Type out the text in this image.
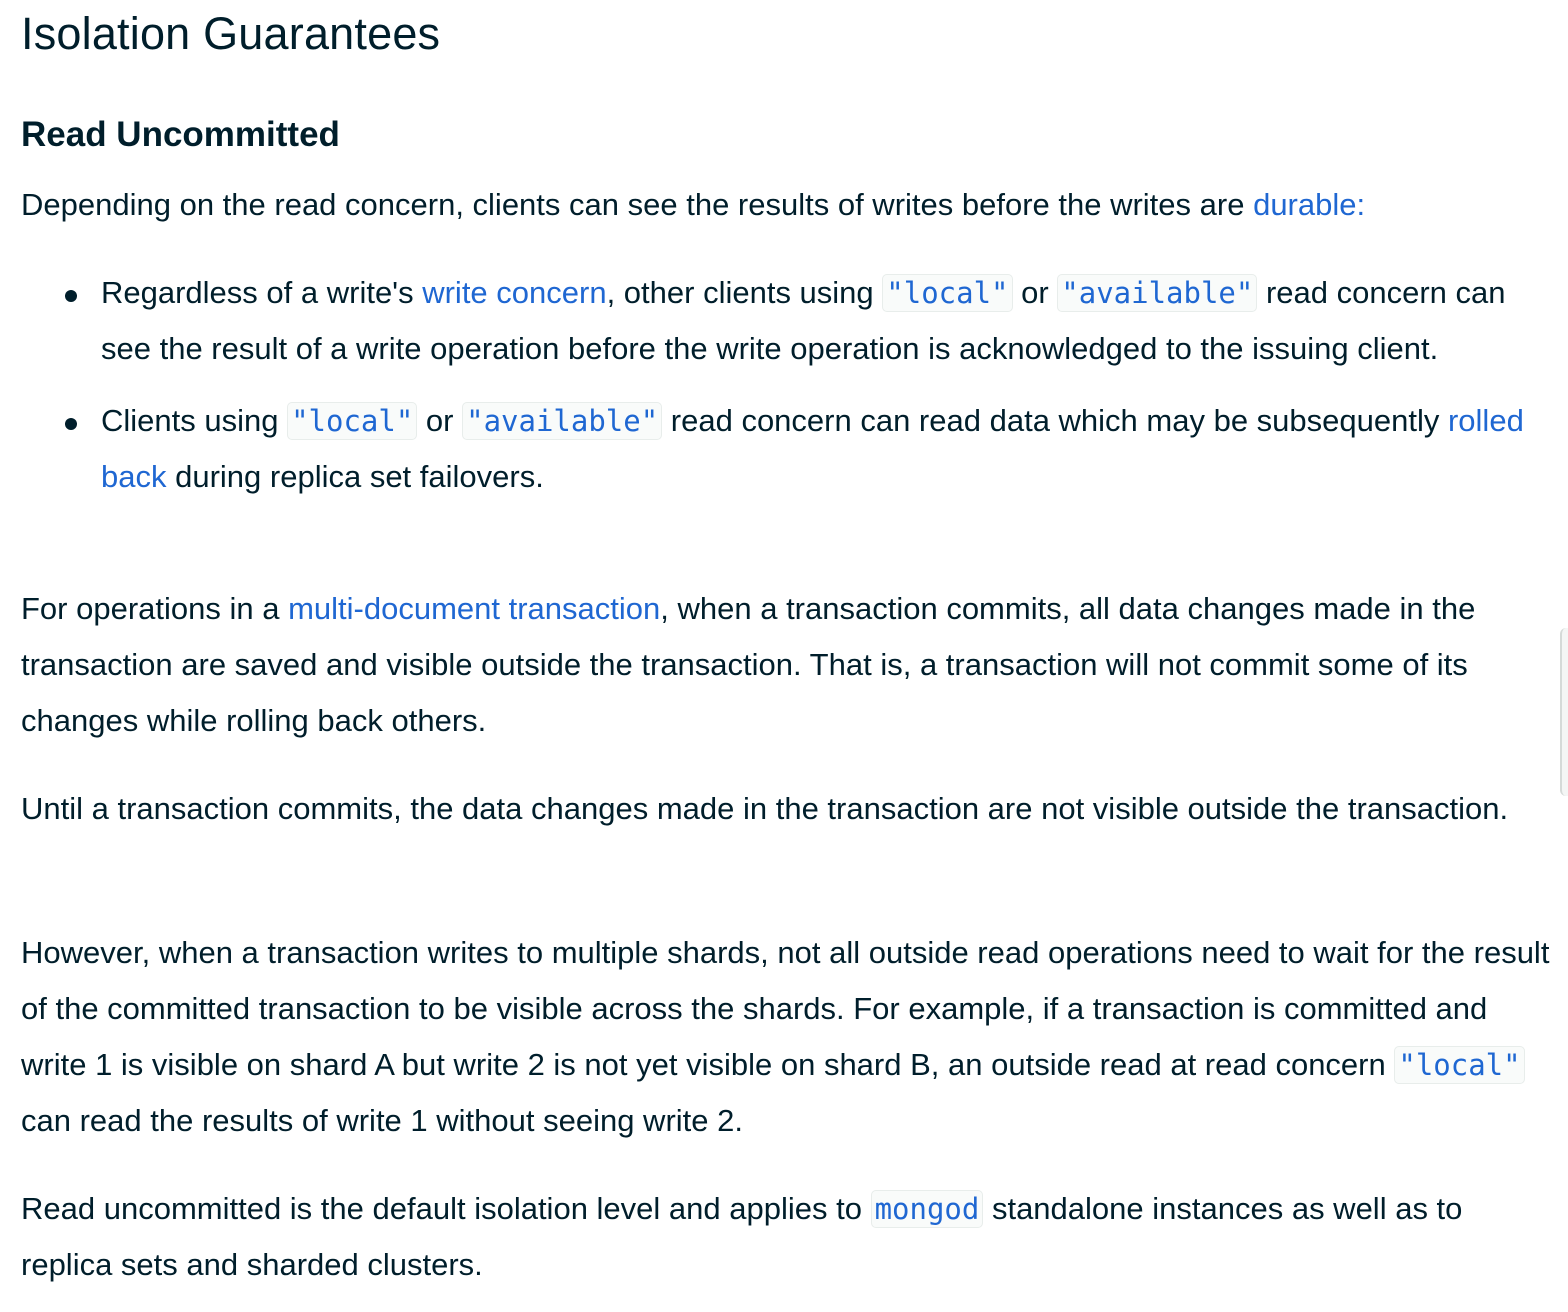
Isolation Guarantees
Read Uncommitted

Depending on the read concern, clients can see the results of writes before the writes are durable:

Regardless of a write's write concern, other clients using "local" or "available" read concern can see the result of a write operation before the write operation is acknowledged to the issuing client.
Clients using "local" or "available" read concern can read data which may be subsequently rolled back during replica set failovers.

For operations in a multi-document transaction, when a transaction commits, all data changes made in the transaction are saved and visible outside the transaction. That is, a transaction will not commit some of its changes while rolling back others.

Until a transaction commits, the data changes made in the transaction are not visible outside the transaction.

However, when a transaction writes to multiple shards, not all outside read operations need to wait for the result of the committed transaction to be visible across the shards. For example, if a transaction is committed and write 1 is visible on shard A but write 2 is not yet visible on shard B, an outside read at read concern "local" can read the results of write 1 without seeing write 2.

Read uncommitted is the default isolation level and applies to mongod standalone instances as well as to replica sets and sharded clusters.
